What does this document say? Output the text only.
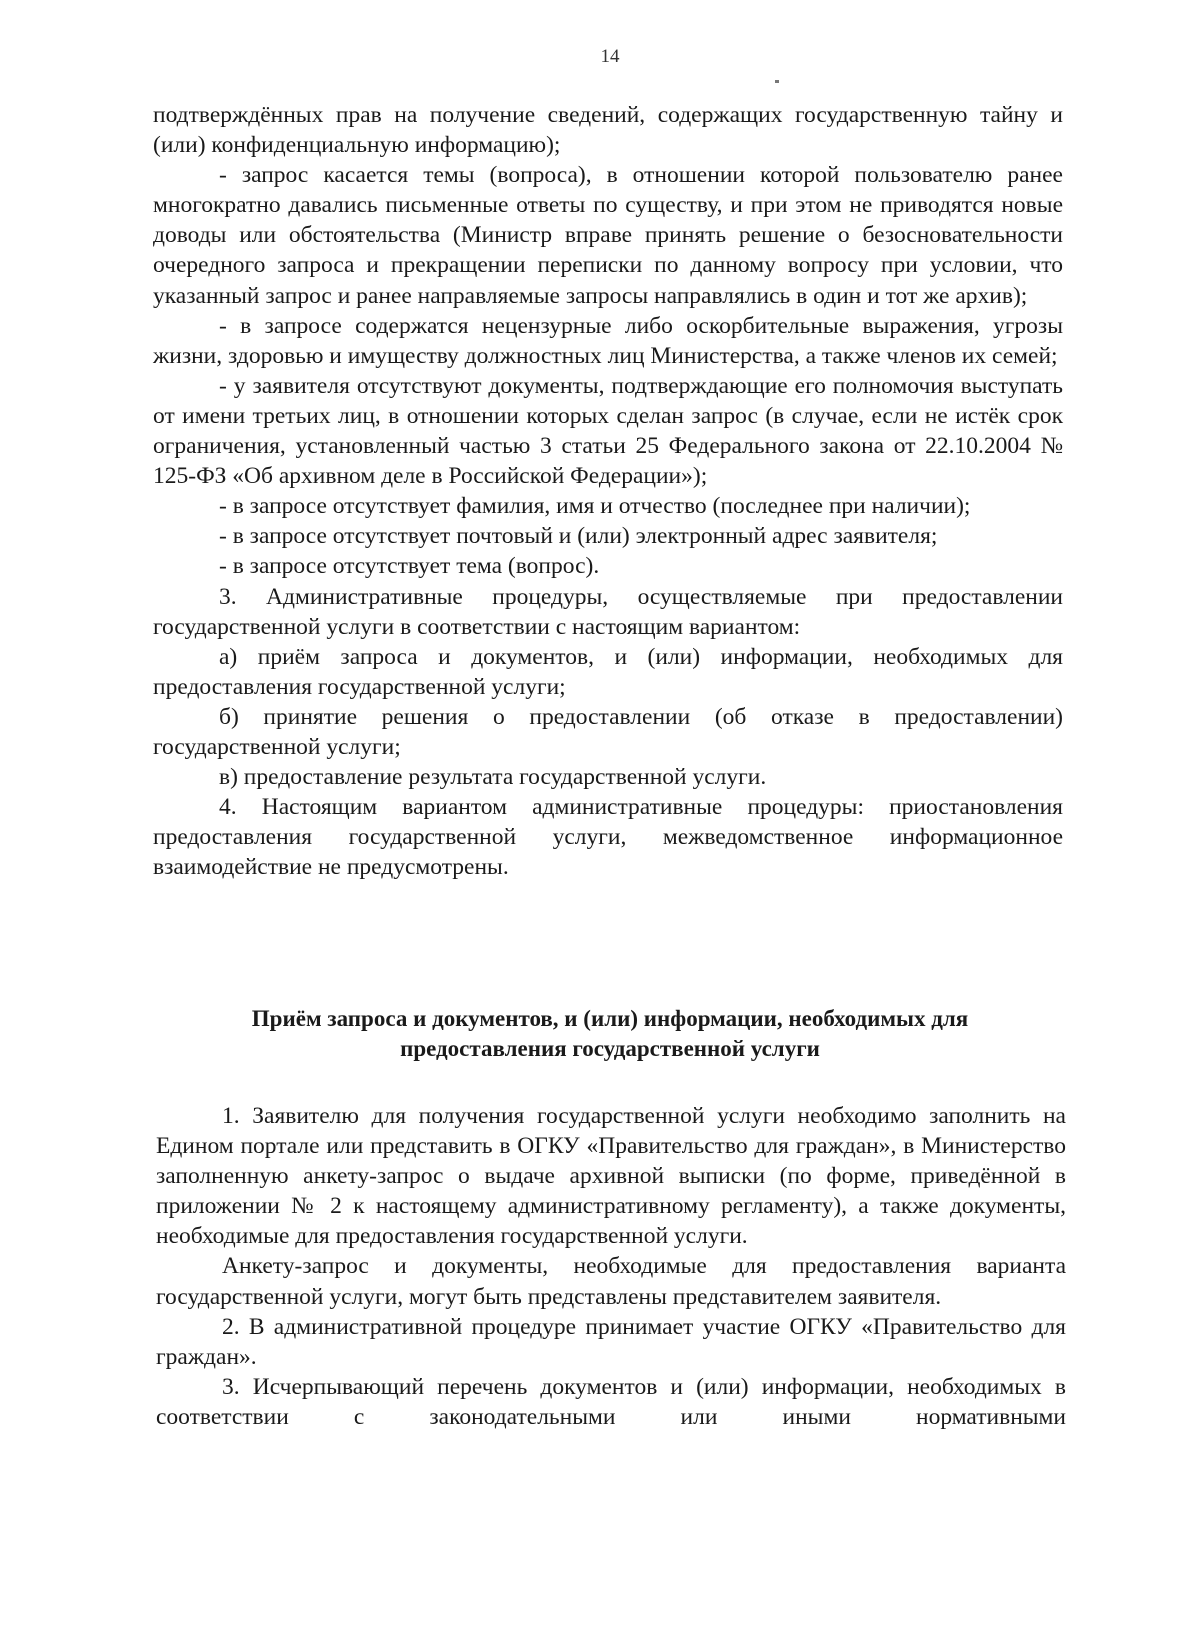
14

подтверждённых прав на получение сведений, содержащих государственную тайну и (или) конфиденциальную информацию);

- запрос касается темы (вопроса), в отношении которой пользователю ранее многократно давались письменные ответы по существу, и при этом не приводятся новые доводы или обстоятельства (Министр вправе принять решение о безосновательности очередного запроса и прекращении переписки по данному вопросу при условии, что указанный запрос и ранее направляемые запросы направлялись в один и тот же архив);

- в запросе содержатся нецензурные либо оскорбительные выражения, угрозы жизни, здоровью и имуществу должностных лиц Министерства, а также членов их семей;

- у заявителя отсутствуют документы, подтверждающие его полномочия выступать от имени третьих лиц, в отношении которых сделан запрос (в случае, если не истёк срок ограничения, установленный частью 3 статьи 25 Федерального закона от 22.10.2004 № 125-ФЗ «Об архивном деле в Российской Федерации»);

- в запросе отсутствует фамилия, имя и отчество (последнее при наличии);

- в запросе отсутствует почтовый и (или) электронный адрес заявителя;

- в запросе отсутствует тема (вопрос).

3. Административные процедуры, осуществляемые при предоставлении государственной услуги в соответствии с настоящим вариантом:

а) приём запроса и документов, и (или) информации, необходимых для предоставления государственной услуги;

б) принятие решения о предоставлении (об отказе в предоставлении) государственной услуги;

в) предоставление результата государственной услуги.

4. Настоящим вариантом административные процедуры: приостановления предоставления государственной услуги, межведомственное информационное взаимодействие не предусмотрены.

Приём запроса и документов, и (или) информации, необходимых для
предоставления государственной услуги

1. Заявителю для получения государственной услуги необходимо заполнить на Едином портале или представить в ОГКУ «Правительство для граждан», в Министерство заполненную анкету-запрос о выдаче архивной выписки (по форме, приведённой в приложении № 2 к настоящему административному регламенту), а также документы, необходимые для предоставления государственной услуги.

Анкету-запрос и документы, необходимые для предоставления варианта государственной услуги, могут быть представлены представителем заявителя.

2. В административной процедуре принимает участие ОГКУ «Правительство для граждан».

3. Исчерпывающий перечень документов и (или) информации, необходимых в соответствии с законодательными или иными нормативными
